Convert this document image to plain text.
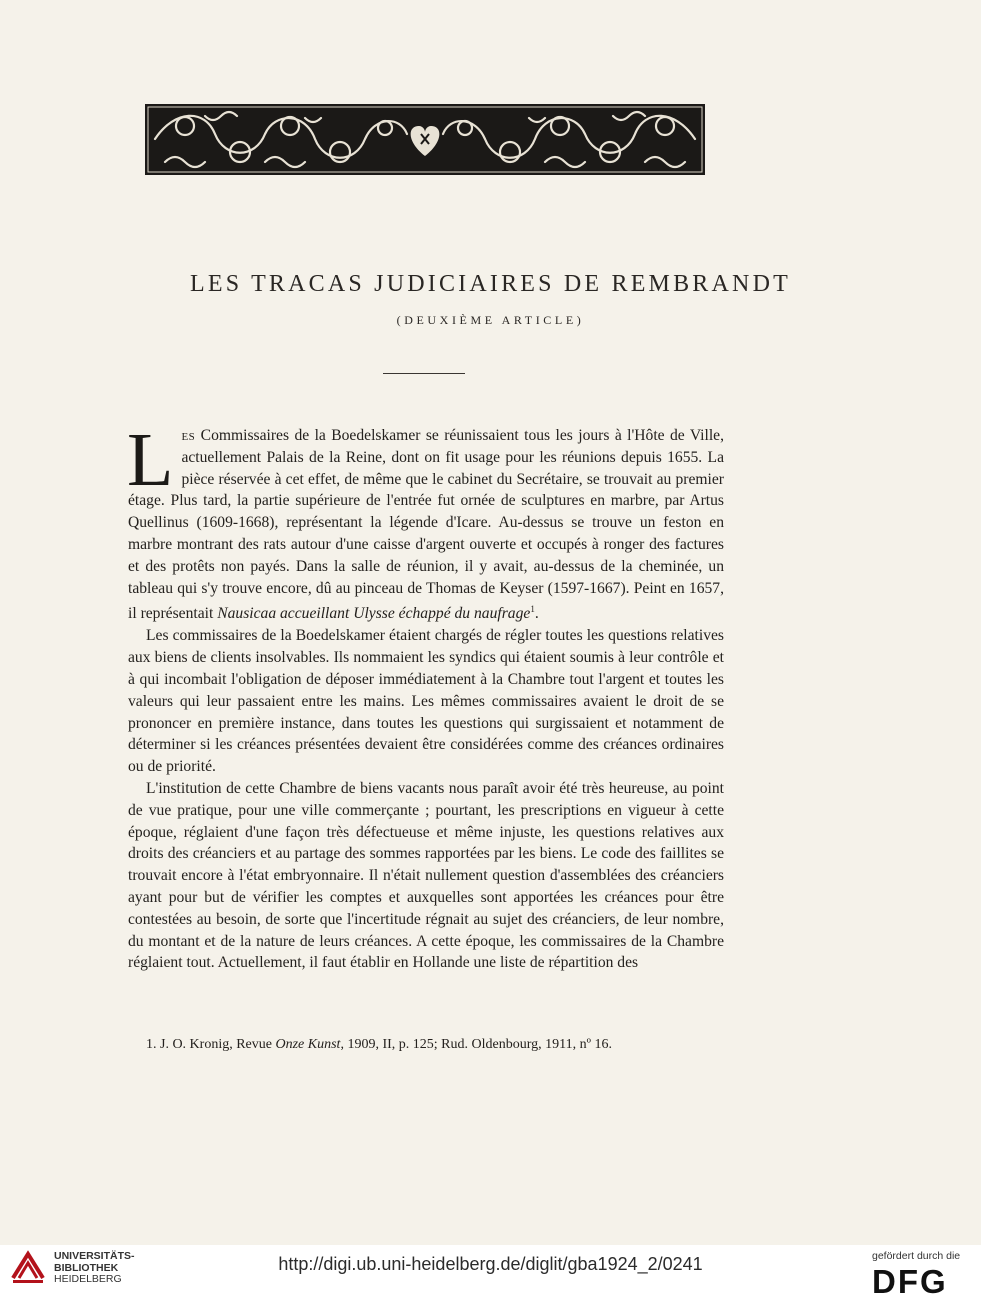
LES TRACAS JUDICIAIRES DE REMBRANDT
(DEUXIÈME ARTICLE)

Les Commissaires de la Boedelskamer se réunissaient tous les jours à l'Hôte de Ville, actuellement Palais de la Reine, dont on fit usage pour les réunions depuis 1655. La pièce réservée à cet effet, de même que le cabinet du Secrétaire, se trouvait au premier étage. Plus tard, la partie supérieure de l'entrée fut ornée de sculptures en marbre, par Artus Quellinus (1609-1668), représentant la légende d'Icare. Au-dessus se trouve un feston en marbre montrant des rats autour d'une caisse d'argent ouverte et occupés à ronger des factures et des protêts non payés. Dans la salle de réunion, il y avait, au-dessus de la cheminée, un tableau qui s'y trouve encore, dû au pinceau de Thomas de Keyser (1597-1667). Peint en 1657, il représentait Nausicaa accueillant Ulysse échappé du naufrage$^1$.

Les commissaires de la Boedelskamer étaient chargés de régler toutes les questions relatives aux biens de clients insolvables. Ils nommaient les syndics qui étaient soumis à leur contrôle et à qui incombait l'obligation de déposer immédiatement à la Chambre tout l'argent et toutes les valeurs qui leur passaient entre les mains. Les mêmes commissaires avaient le droit de se prononcer en première instance, dans toutes les questions qui surgissaient et notamment de déterminer si les créances présentées devaient être considérées comme des créances ordinaires ou de priorité.

L'institution de cette Chambre de biens vacants nous paraît avoir été très heureuse, au point de vue pratique, pour une ville commerçante ; pourtant, les prescriptions en vigueur à cette époque, réglaient d'une façon très défectueuse et même injuste, les questions relatives aux droits des créanciers et au partage des sommes rapportées par les biens. Le code des faillites se trouvait encore à l'état embryonnaire. Il n'était nullement question d'assemblées des créanciers ayant pour but de vérifier les comptes et auxquelles sont apportées les créances pour être contestées au besoin, de sorte que l'incertitude régnait au sujet des créanciers, de leur nombre, du montant et de la nature de leurs créances. A cette époque, les commissaires de la Chambre réglaient tout. Actuellement, il faut établir en Hollande une liste de répartition des

1. J. O. Kronig, Revue Onze Kunst, 1909, II, p. 125; Rud. Oldenbourg, 1911, nº 16.
UNIVERSITÄTS-
BIBLIOTHEK
HEIDELBERG
http://digi.ub.uni-heidelberg.de/diglit/gba1924_2/0241	gefördert durch die
DFG
